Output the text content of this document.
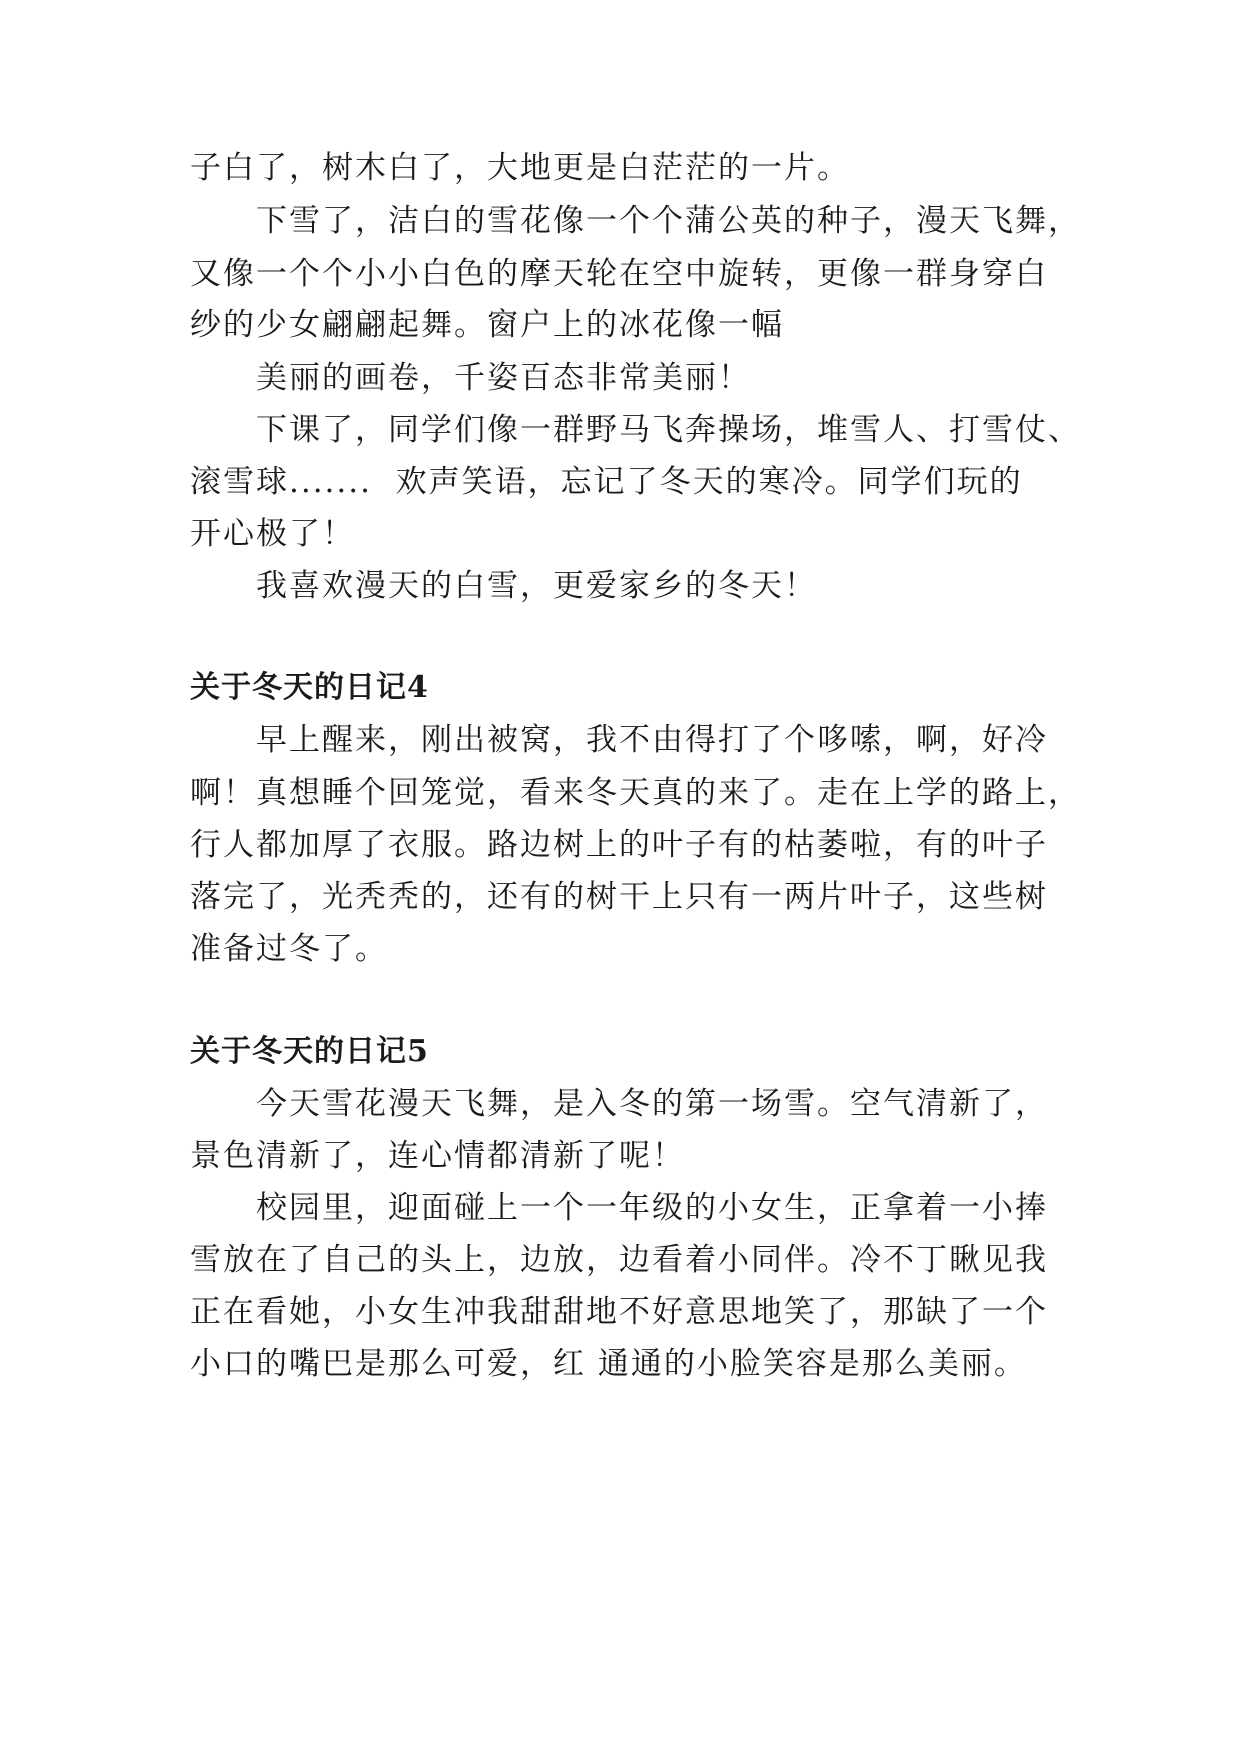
子白了，树木白了，大地更是白茫茫的一片。

下雪了，洁白的雪花像一个个蒲公英的种子，漫天飞舞，

又像一个个小小白色的摩天轮在空中旋转，更像一群身穿白

纱的少女翩翩起舞。窗户上的冰花像一幅

美丽的画卷，千姿百态非常美丽！

下课了，同学们像一群野马飞奔操场，堆雪人、打雪仗、

滚雪球.......  欢声笑语，忘记了冬天的寒冷。同学们玩的

开心极了！

我喜欢漫天的白雪，更爱家乡的冬天！

关于冬天的日记4

早上醒来，刚出被窝，我不由得打了个哆嗦，啊，好冷

啊！真想睡个回笼觉，看来冬天真的来了。走在上学的路上，

行人都加厚了衣服。路边树上的叶子有的枯萎啦，有的叶子

落完了，光秃秃的，还有的树干上只有一两片叶子，这些树

准备过冬了。

关于冬天的日记5

今天雪花漫天飞舞，是入冬的第一场雪。空气清新了，

景色清新了，连心情都清新了呢！

校园里，迎面碰上一个一年级的小女生，正拿着一小捧

雪放在了自己的头上，边放，边看着小同伴。冷不丁瞅见我

正在看她，小女生冲我甜甜地不好意思地笑了，那缺了一个

小口的嘴巴是那么可爱，红 通通的小脸笑容是那么美丽。
